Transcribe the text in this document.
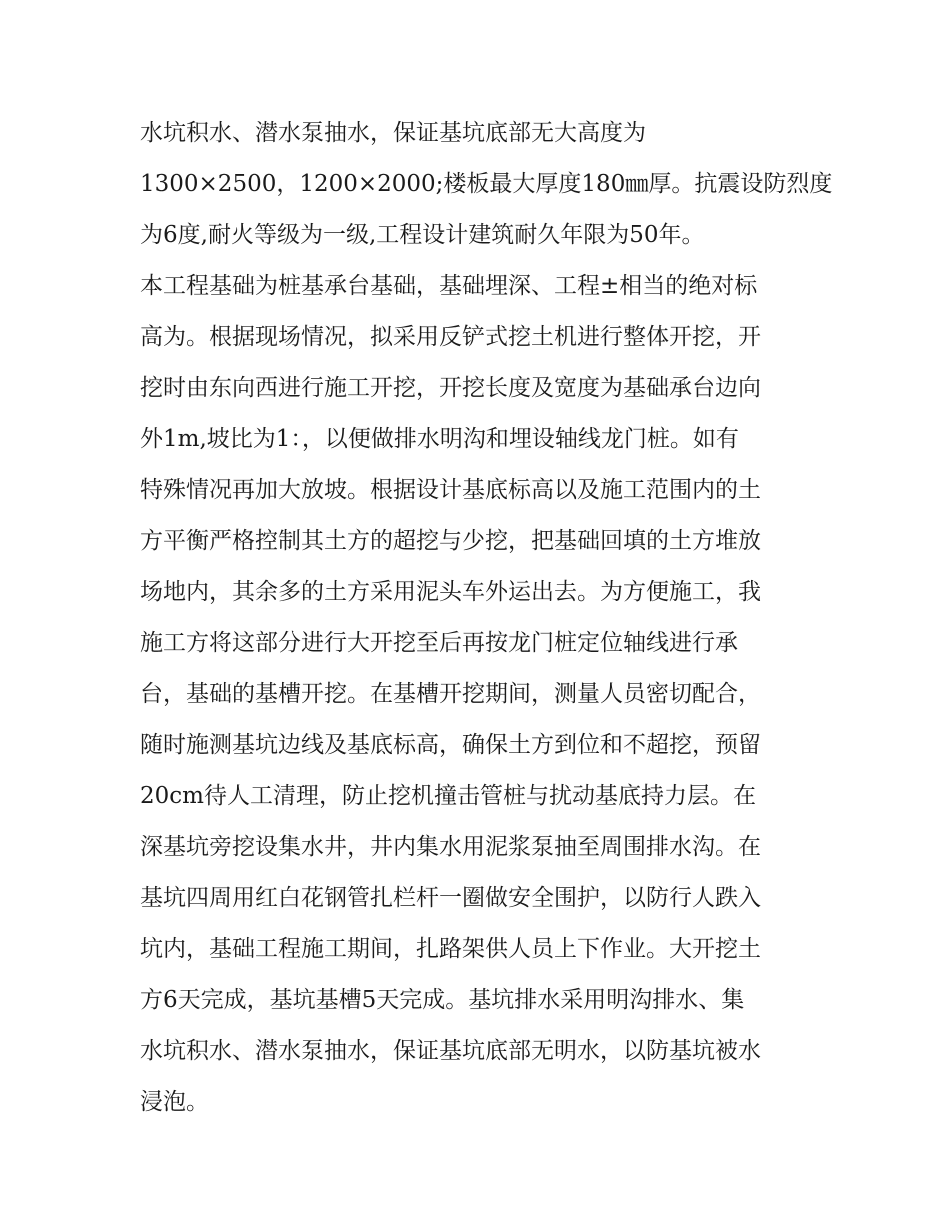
水坑积水、潜水泵抽水，保证基坑底部无大高度为
1300×2500，1200×2000;楼板最大厚度180㎜厚。抗震设防烈度
为6度,耐火等级为一级,工程设计建筑耐久年限为50年。
本工程基础为桩基承台基础，基础埋深、工程±相当的绝对标
高为。根据现场情况，拟采用反铲式挖土机进行整体开挖，开
挖时由东向西进行施工开挖，开挖长度及宽度为基础承台边向
外1m,坡比为1：，以便做排水明沟和埋设轴线龙门桩。如有
特殊情况再加大放坡。根据设计基底标高以及施工范围内的土
方平衡严格控制其土方的超挖与少挖，把基础回填的土方堆放
场地内，其余多的土方采用泥头车外运出去。为方便施工，我
施工方将这部分进行大开挖至后再按龙门桩定位轴线进行承
台，基础的基槽开挖。在基槽开挖期间，测量人员密切配合，
随时施测基坑边线及基底标高，确保土方到位和不超挖，预留
20cm待人工清理，防止挖机撞击管桩与扰动基底持力层。在
深基坑旁挖设集水井，井内集水用泥浆泵抽至周围排水沟。在
基坑四周用红白花钢管扎栏杆一圈做安全围护，以防行人跌入
坑内，基础工程施工期间，扎路架供人员上下作业。大开挖土
方6天完成，基坑基槽5天完成。基坑排水采用明沟排水、集
水坑积水、潜水泵抽水，保证基坑底部无明水，以防基坑被水
浸泡。
